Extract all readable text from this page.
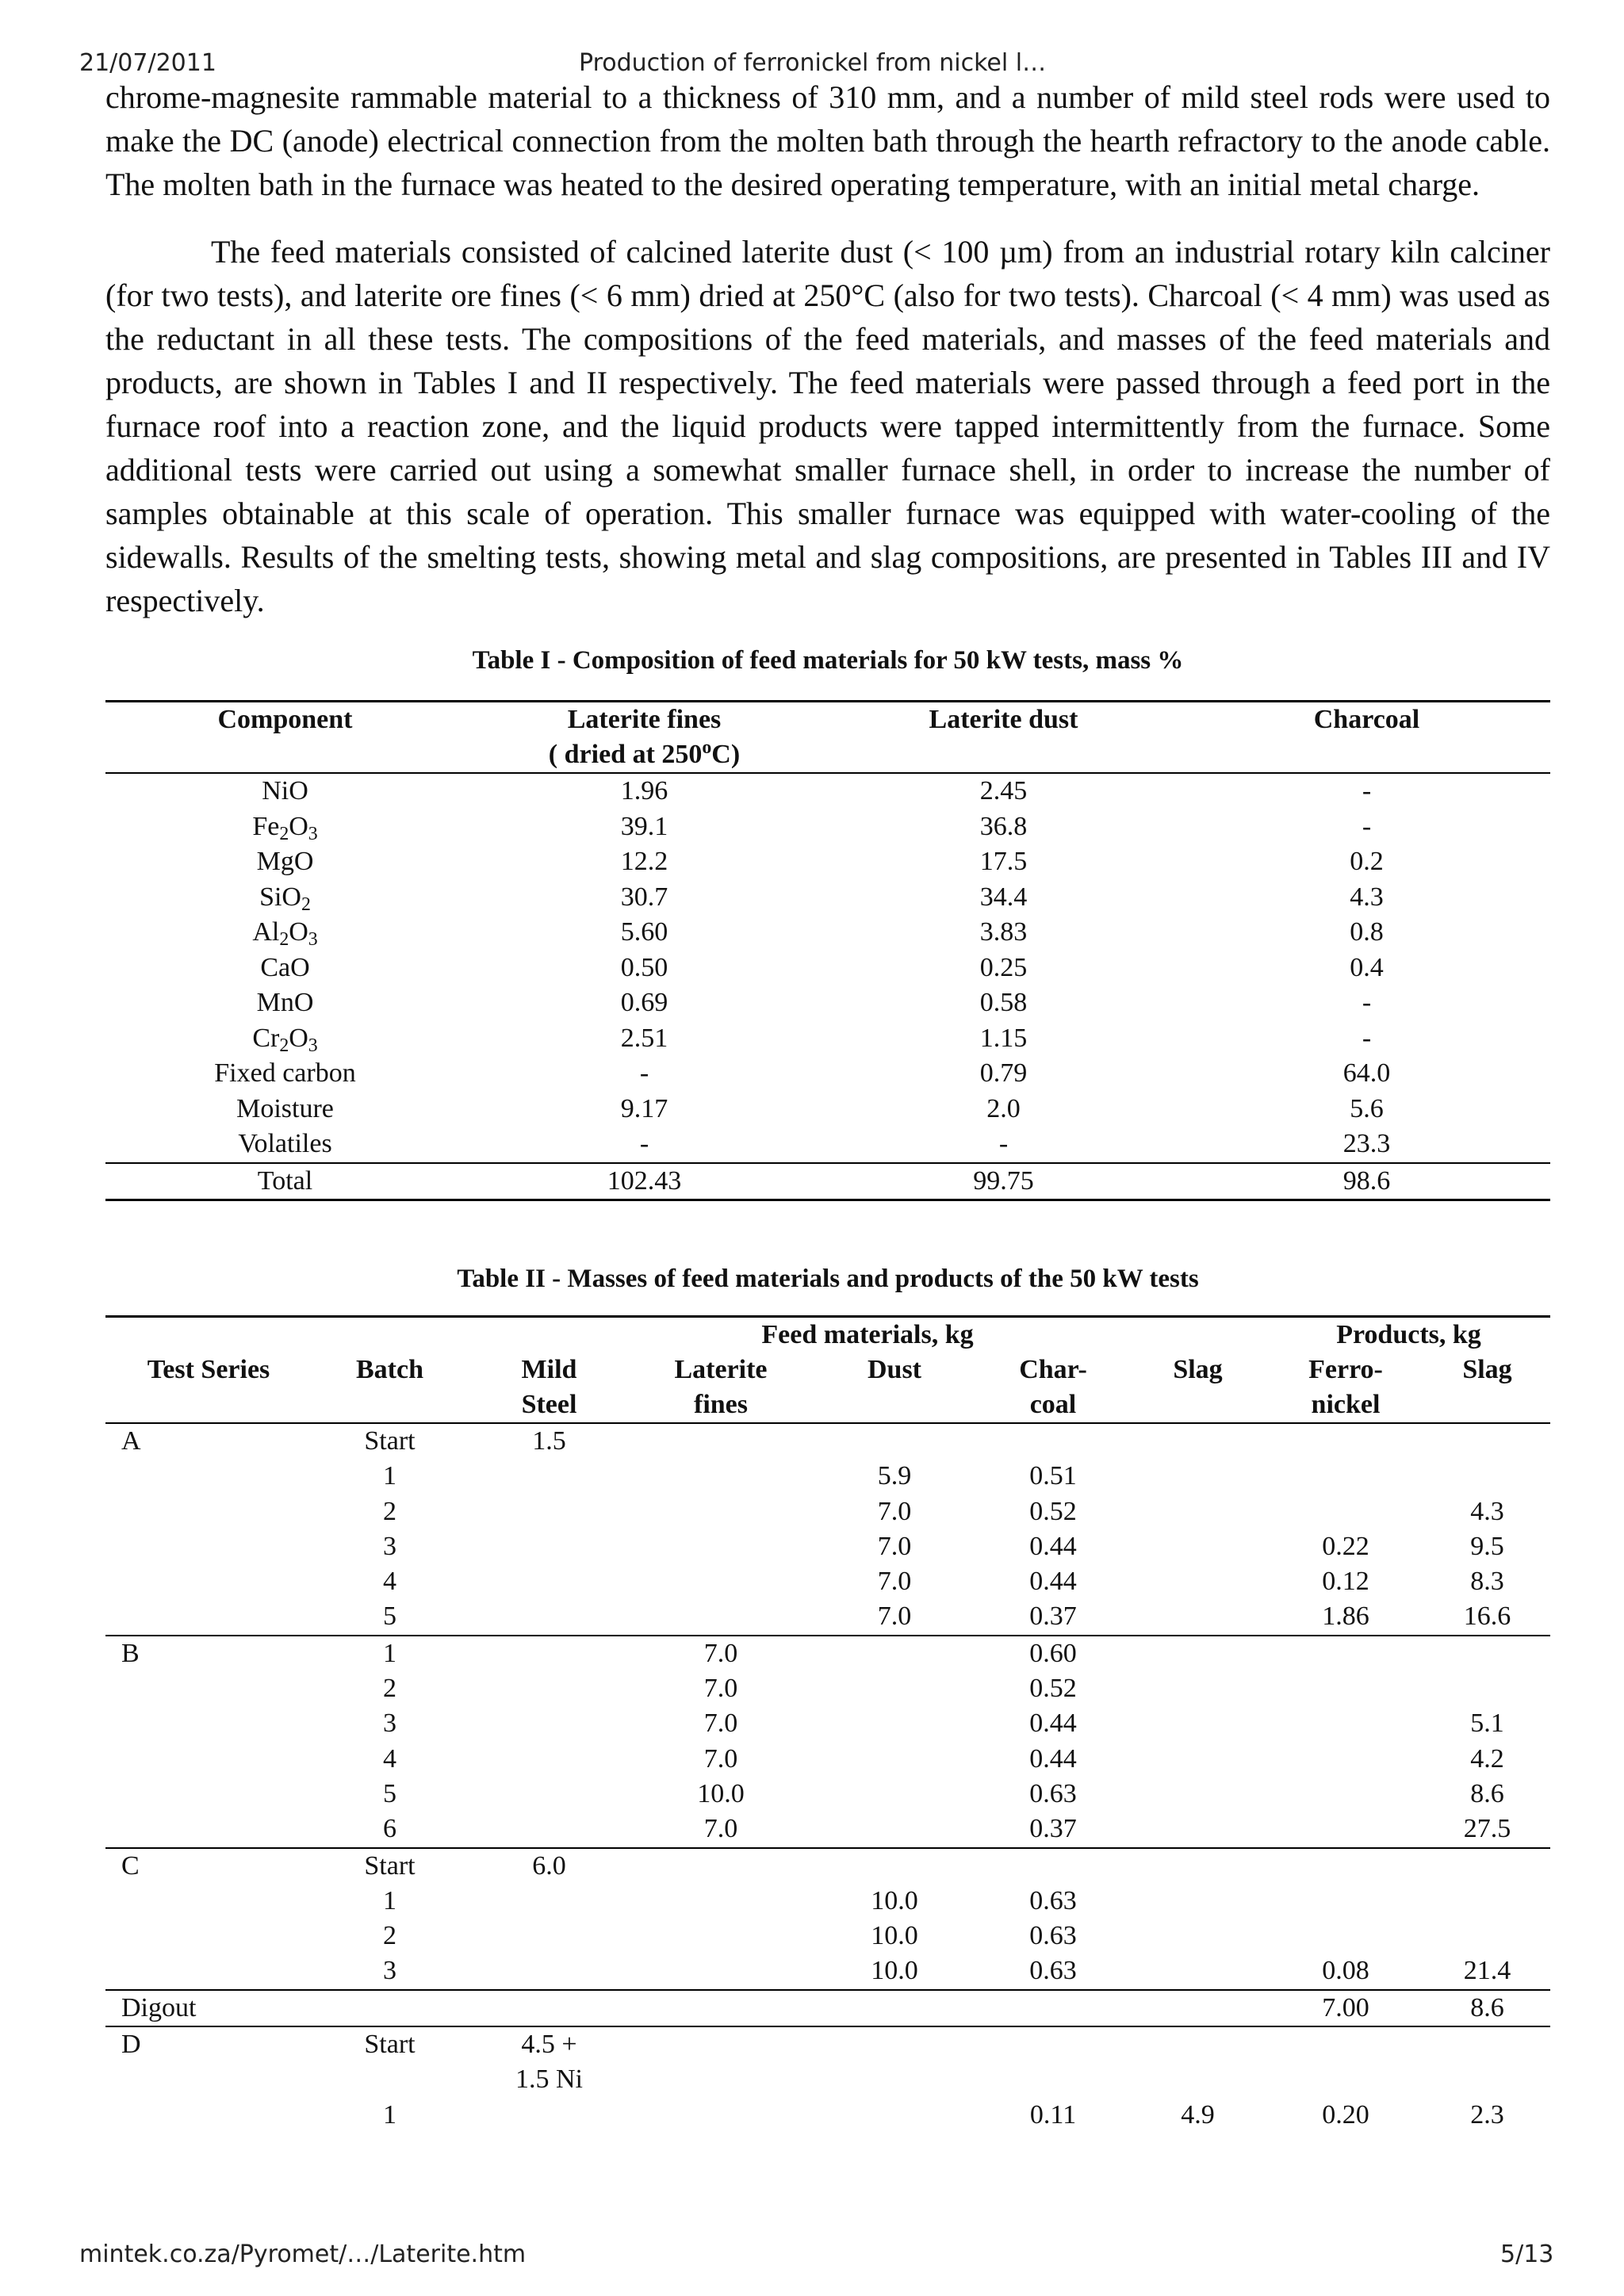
21/07/2011	Production of ferronickel from nickel l…

chrome-magnesite rammable material to a thickness of 310 mm, and a number of mild steel rods were used to make the DC (anode) electrical connection from the molten bath through the hearth refractory to the anode cable. The molten bath in the furnace was heated to the desired operating temperature, with an initial metal charge.

The feed materials consisted of calcined laterite dust (< 100 µm) from an industrial rotary kiln calciner (for two tests), and laterite ore fines (< 6 mm) dried at 250°C (also for two tests). Charcoal (< 4 mm) was used as the reductant in all these tests. The compositions of the feed materials, and masses of the feed materials and products, are shown in Tables I and II respectively. The feed materials were passed through a feed port in the furnace roof into a reaction zone, and the liquid products were tapped intermittently from the furnace. Some additional tests were carried out using a somewhat smaller furnace shell, in order to increase the number of samples obtainable at this scale of operation. This smaller furnace was equipped with water-cooling of the sidewalls. Results of the smelting tests, showing metal and slag compositions, are presented in Tables III and IV respectively.

Table I - Composition of feed materials for 50 kW tests, mass %
Component	Laterite fines	Laterite dust	Charcoal
	( dried at 250$^o$C)		
NiO	1.96	2.45	-
$Fe_2O_3$	39.1	36.8	-
MgO	12.2	17.5	0.2
SiO$_2$	30.7	34.4	4.3
$Al_2O_3$	5.60	3.83	0.8
CaO	0.50	0.25	0.4
MnO	0.69	0.58	-
$Cr_2O_3$	2.51	1.15	-
Fixed carbon	-	0.79	64.0
Moisture	9.17	2.0	5.6
Volatiles	-	-	23.3
Total	102.43	99.75	98.6
Table II - Masses of feed materials and products of the 50 kW tests
		Feed materials, kg					Products, kg	
Test Series	Batch	Mild	Laterite	Dust	Char-	Slag	Ferro-	Slag
		Steel	fines		coal		nickel	
A	Start	1.5						
	1			5.9	0.51			
	2			7.0	0.52			4.3
	3			7.0	0.44		0.22	9.5
	4			7.0	0.44		0.12	8.3
	5			7.0	0.37		1.86	16.6
B	1		7.0		0.60			
	2		7.0		0.52			
	3		7.0		0.44			5.1
	4		7.0		0.44			4.2
	5		10.0		0.63			8.6
	6		7.0		0.37			27.5
C	Start	6.0						
	1			10.0	0.63			
	2			10.0	0.63			
	3			10.0	0.63		0.08	21.4
Digout							7.00	8.6
D	Start	4.5 +						
		1.5 Ni						
	1				0.11	4.9	0.20	2.3
mintek.co.za/Pyromet/…/Laterite.htm	5/13
